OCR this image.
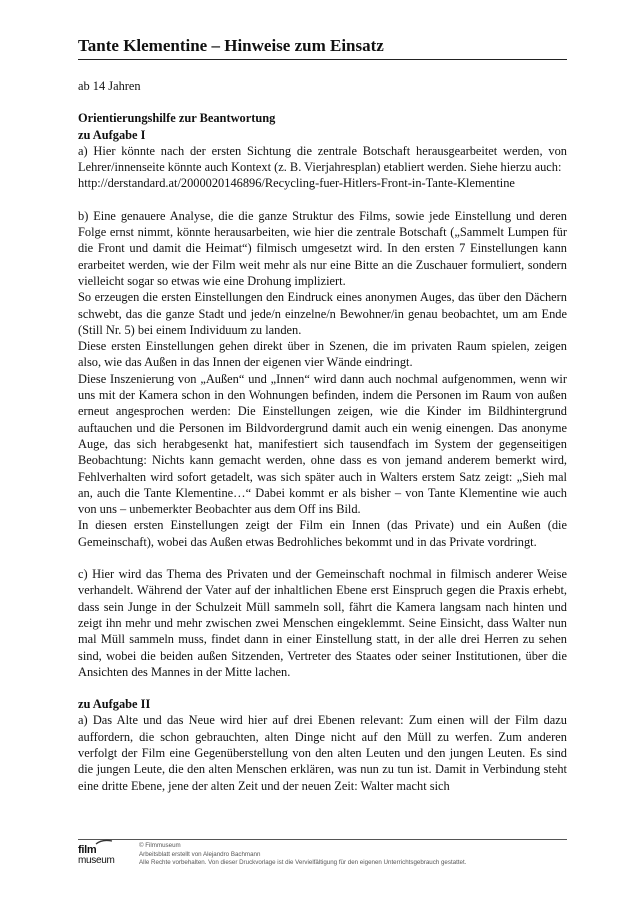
Tante Klementine – Hinweise zum Einsatz

ab 14 Jahren

Orientierungshilfe zur Beantwortung

zu Aufgabe I

a) Hier könnte nach der ersten Sichtung die zentrale Botschaft herausgearbeitet werden, von Lehrer/innenseite könnte auch Kontext (z. B. Vierjahresplan) etabliert werden. Siehe hierzu auch:

http://derstandard.at/2000020146896/Recycling-fuer-Hitlers-Front-in-Tante-Klementine

b) Eine genauere Analyse, die die ganze Struktur des Films, sowie jede Einstellung und deren Folge ernst nimmt, könnte herausarbeiten, wie hier die zentrale Botschaft („Sammelt Lumpen für die Front und damit die Heimat“) filmisch umgesetzt wird. In den ersten 7 Einstellungen kann erarbeitet werden, wie der Film weit mehr als nur eine Bitte an die Zuschauer formuliert, sondern vielleicht sogar so etwas wie eine Drohung impliziert.

So erzeugen die ersten Einstellungen den Eindruck eines anonymen Auges, das über den Dächern schwebt, das die ganze Stadt und jede/n einzelne/n Bewohner/in genau beobachtet, um am Ende (Still Nr. 5) bei einem Individuum zu landen.

Diese ersten Einstellungen gehen direkt über in Szenen, die im privaten Raum spielen, zeigen also, wie das Außen in das Innen der eigenen vier Wände eindringt.

Diese Inszenierung von „Außen“ und „Innen“ wird dann auch nochmal aufgenommen, wenn wir uns mit der Kamera schon in den Wohnungen befinden, indem die Personen im Raum von außen erneut angesprochen werden: Die Einstellungen zeigen, wie die Kinder im Bildhintergrund auftauchen und die Personen im Bildvordergrund damit auch ein wenig einengen. Das anonyme Auge, das sich herabgesenkt hat, manifestiert sich tausendfach im System der gegenseitigen Beobachtung: Nichts kann gemacht werden, ohne dass es von jemand anderem bemerkt wird, Fehlverhalten wird sofort getadelt, was sich später auch in Walters erstem Satz zeigt: „Sieh mal an, auch die Tante Klementine…“ Dabei kommt er als bisher – von Tante Klementine wie auch von uns – unbemerkter Beobachter aus dem Off ins Bild.

In diesen ersten Einstellungen zeigt der Film ein Innen (das Private) und ein Außen (die Gemeinschaft), wobei das Außen etwas Bedrohliches bekommt und in das Private vordringt.

c) Hier wird das Thema des Privaten und der Gemeinschaft nochmal in filmisch anderer Weise verhandelt. Während der Vater auf der inhaltlichen Ebene erst Einspruch gegen die Praxis erhebt, dass sein Junge in der Schulzeit Müll sammeln soll, fährt die Kamera langsam nach hinten und zeigt ihn mehr und mehr zwischen zwei Menschen eingeklemmt. Seine Einsicht, dass Walter nun mal Müll sammeln muss, findet dann in einer Einstellung statt, in der alle drei Herren zu sehen sind, wobei die beiden außen Sitzenden, Vertreter des Staates oder seiner Institutionen, über die Ansichten des Mannes in der Mitte lachen.

zu Aufgabe II

a) Das Alte und das Neue wird hier auf drei Ebenen relevant: Zum einen will der Film dazu auffordern, die schon gebrauchten, alten Dinge nicht auf den Müll zu werfen. Zum anderen verfolgt der Film eine Gegenüberstellung von den alten Leuten und den jungen Leuten. Es sind die jungen Leute, die den alten Menschen erklären, was nun zu tun ist. Damit in Verbindung steht eine dritte Ebene, jene der alten Zeit und der neuen Zeit: Walter macht sich

film
museum
© Filmmuseum
Arbeitsblatt erstellt von Alejandro Bachmann
Alle Rechte vorbehalten. Von dieser Druckvorlage ist die Vervielfältigung für den eigenen Unterrichtsgebrauch gestattet.
